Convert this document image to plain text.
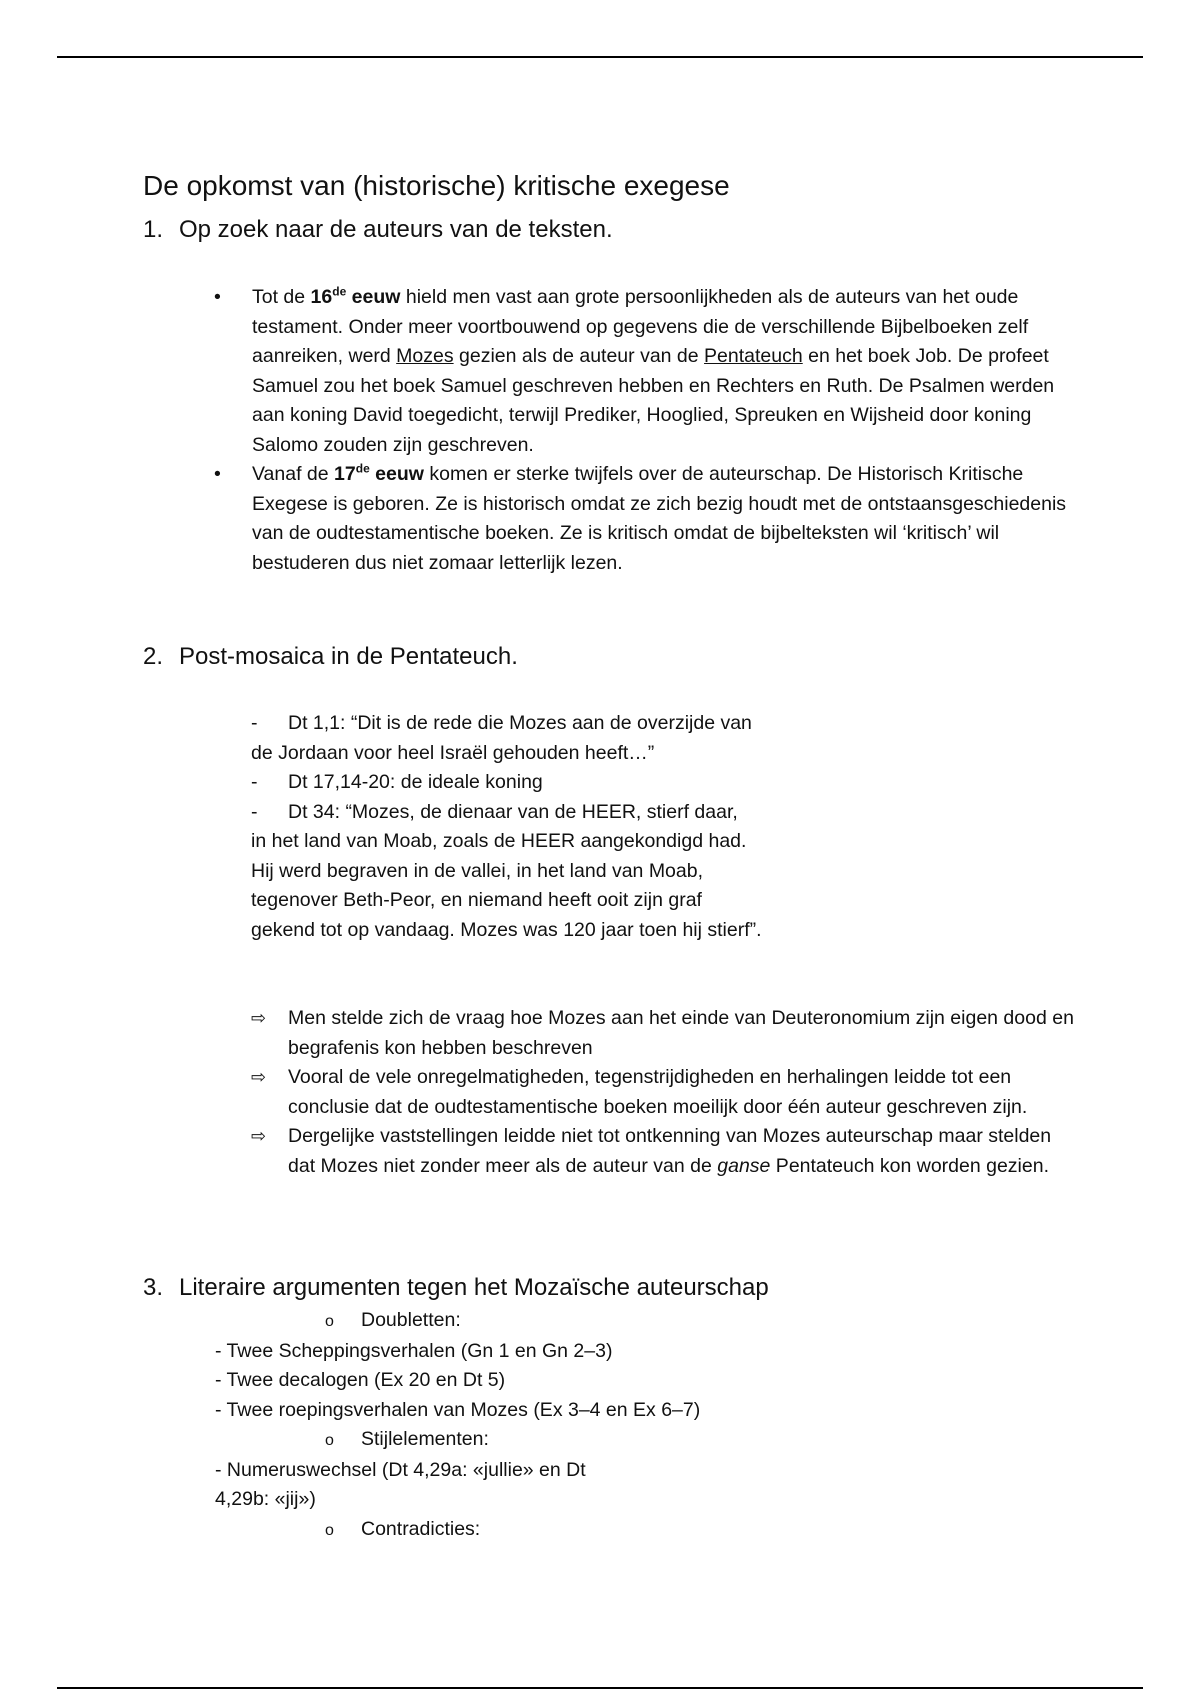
De opkomst van (historische) kritische exegese
1. Op zoek naar de auteurs van de teksten.
• Tot de 16de eeuw hield men vast aan grote persoonlijkheden als de auteurs van het oude testament. Onder meer voortbouwend op gegevens die de verschillende Bijbelboeken zelf aanreiken, werd Mozes gezien als de auteur van de Pentateuch en het boek Job. De profeet Samuel zou het boek Samuel geschreven hebben en Rechters en Ruth. De Psalmen werden aan koning David toegedicht, terwijl Prediker, Hooglied, Spreuken en Wijsheid door koning Salomo zouden zijn geschreven.
• Vanaf de 17de eeuw komen er sterke twijfels over de auteurschap. De Historisch Kritische Exegese is geboren. Ze is historisch omdat ze zich bezig houdt met de ontstaansgeschiedenis van de oudtestamentische boeken. Ze is kritisch omdat de bijbelteksten wil ‘kritisch’ wil bestuderen dus niet zomaar letterlijk lezen.
2. Post-mosaica in de Pentateuch.
- Dt 1,1: “Dit is de rede die Mozes aan de overzijde van
de Jordaan voor heel Israël gehouden heeft…”
- Dt 17,14-20: de ideale koning
- Dt 34: “Mozes, de dienaar van de HEER, stierf daar,
in het land van Moab, zoals de HEER aangekondigd had. Hij werd begraven in de vallei, in het land van Moab, tegenover Beth-Peor, en niemand heeft ooit zijn graf gekend tot op vandaag. Mozes was 120 jaar toen hij stierf”.
⇨ Men stelde zich de vraag hoe Mozes aan het einde van Deuteronomium zijn eigen dood en begrafenis kon hebben beschreven
⇨ Vooral de vele onregelmatigheden, tegenstrijdigheden en herhalingen leidde tot een conclusie dat de oudtestamentische boeken moeilijk door één auteur geschreven zijn.
⇨ Dergelijke vaststellingen leidde niet tot ontkenning van Mozes auteurschap maar stelden dat Mozes niet zonder meer als de auteur van de ganse Pentateuch kon worden gezien.
3. Literaire argumenten tegen het Mozaïsche auteurschap
o Doubletten:
- Twee Scheppingsverhalen (Gn 1 en Gn 2–3)
- Twee decalogen (Ex 20 en Dt 5)
- Twee roepingsverhalen van Mozes (Ex 3–4 en Ex 6–7)
o Stijlelementen:
- Numeruswechsel (Dt 4,29a: «jullie» en Dt
4,29b: «jij»)
o Contradicties:
